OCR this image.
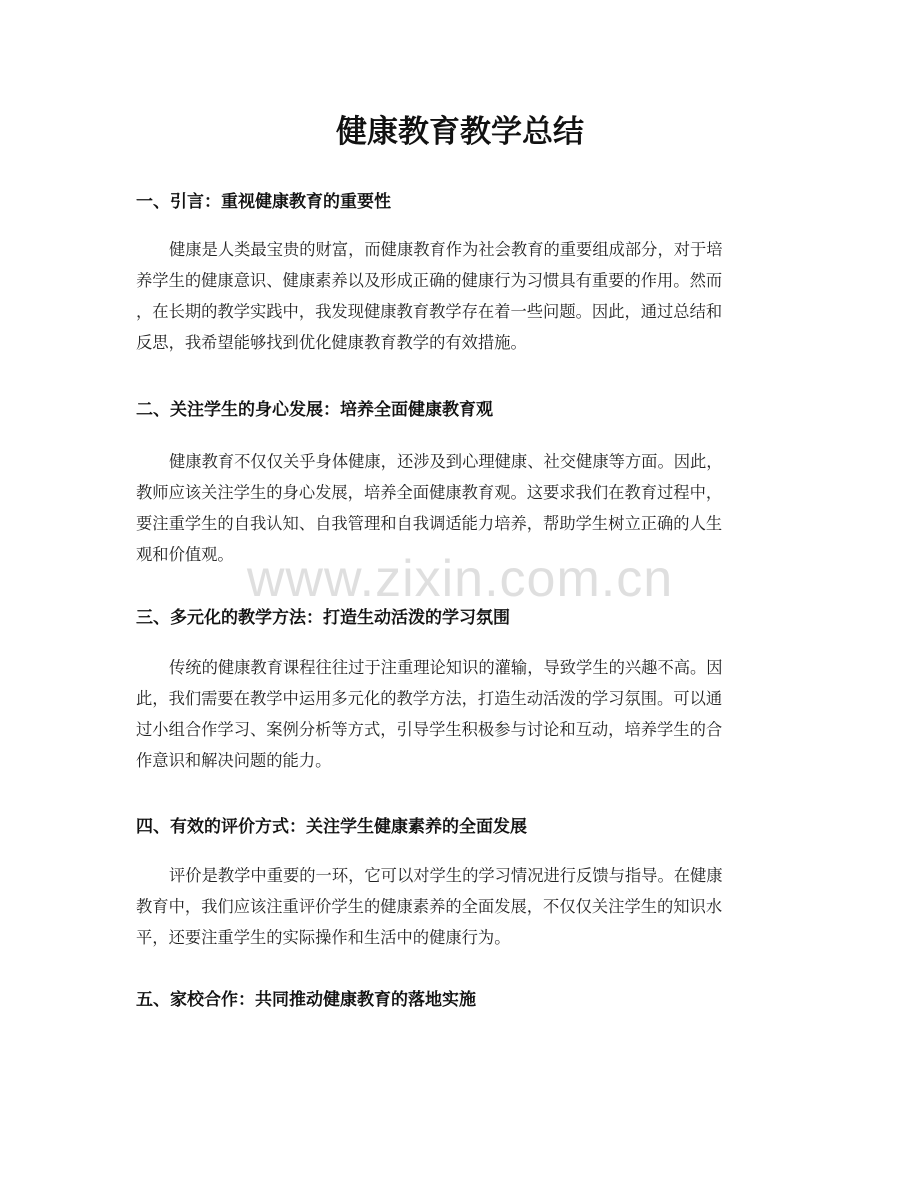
健康教育教学总结
一、引言：重视健康教育的重要性

健康是人类最宝贵的财富，而健康教育作为社会教育的重要组成部分，对于培
养学生的健康意识、健康素养以及形成正确的健康行为习惯具有重要的作用。然而
，在长期的教学实践中，我发现健康教育教学存在着一些问题。因此，通过总结和
反思，我希望能够找到优化健康教育教学的有效措施。

二、关注学生的身心发展：培养全面健康教育观

健康教育不仅仅关乎身体健康，还涉及到心理健康、社交健康等方面。因此，
教师应该关注学生的身心发展，培养全面健康教育观。这要求我们在教育过程中，
要注重学生的自我认知、自我管理和自我调适能力培养，帮助学生树立正确的人生
观和价值观。

三、多元化的教学方法：打造生动活泼的学习氛围

传统的健康教育课程往往过于注重理论知识的灌输，导致学生的兴趣不高。因
此，我们需要在教学中运用多元化的教学方法，打造生动活泼的学习氛围。可以通
过小组合作学习、案例分析等方式，引导学生积极参与讨论和互动，培养学生的合
作意识和解决问题的能力。

四、有效的评价方式：关注学生健康素养的全面发展

评价是教学中重要的一环，它可以对学生的学习情况进行反馈与指导。在健康
教育中，我们应该注重评价学生的健康素养的全面发展，不仅仅关注学生的知识水
平，还要注重学生的实际操作和生活中的健康行为。

五、家校合作：共同推动健康教育的落地实施
www.zixin.com.cn
